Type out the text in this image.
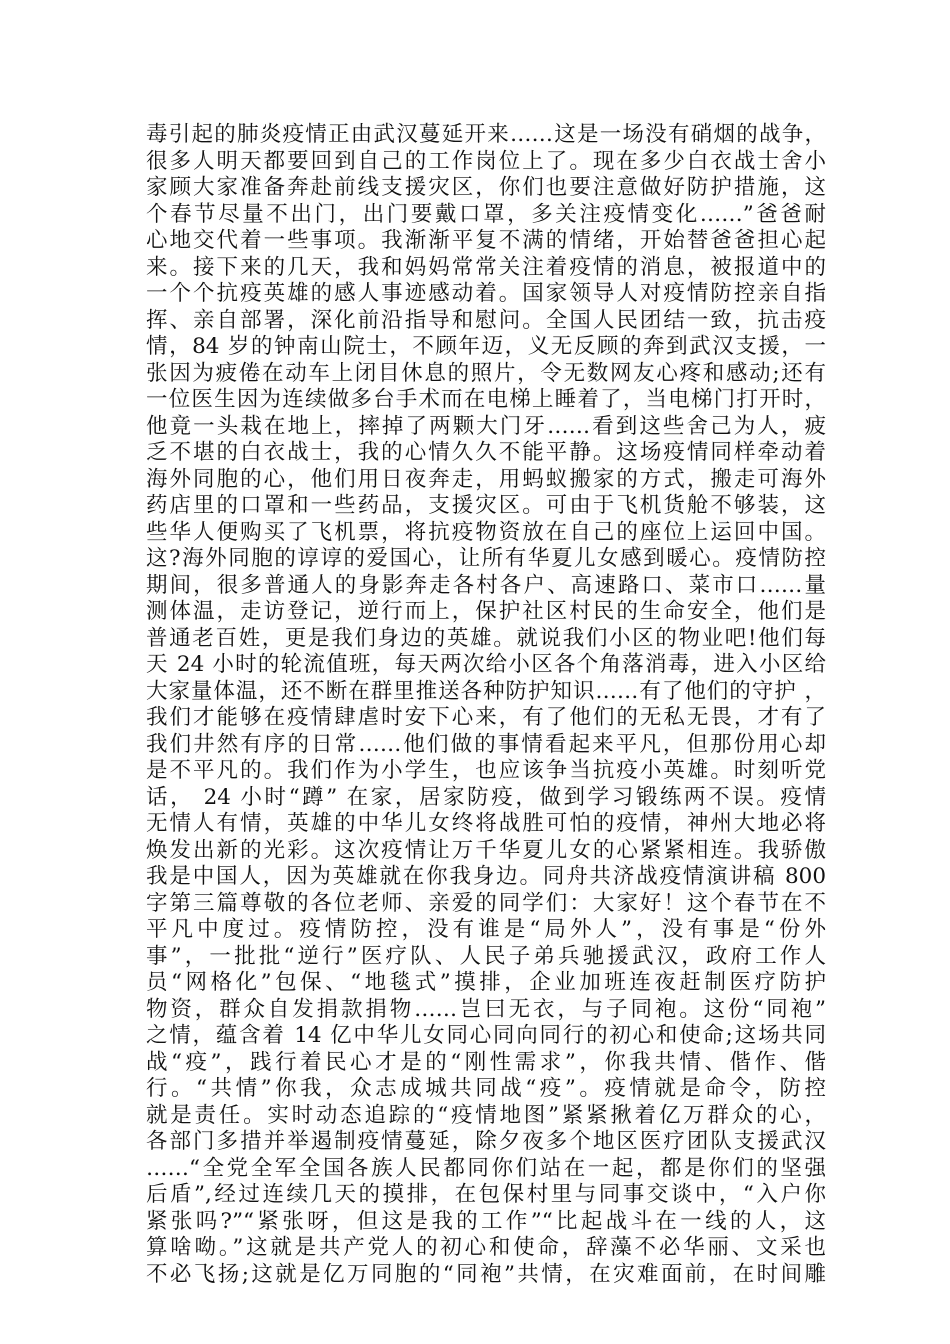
毒引起的肺炎疫情正由武汉蔓延开来……这是一场没有硝烟的战争，
很多人明天都要回到自己的工作岗位上了。现在多少白衣战士舍小
家顾大家准备奔赴前线支援灾区，你们也要注意做好防护措施，这
个春节尽量不出门，出门要戴口罩，多关注疫情变化……”爸爸耐
心地交代着一些事项。我渐渐平复不满的情绪，开始替爸爸担心起
来。接下来的几天，我和妈妈常常关注着疫情的消息，被报道中的
一个个抗疫英雄的感人事迹感动着。国家领导人对疫情防控亲自指
挥、亲自部署，深化前沿指导和慰问。全国人民团结一致，抗击疫
情，84 岁的钟南山院士，不顾年迈，义无反顾的奔到武汉支援，一
张因为疲倦在动车上闭目休息的照片，令无数网友心疼和感动;还有
一位医生因为连续做多台手术而在电梯上睡着了，当电梯门打开时，
他竟一头栽在地上，摔掉了两颗大门牙……看到这些舍己为人，疲
乏不堪的白衣战士，我的心情久久不能平静。这场疫情同样牵动着
海外同胞的心，他们用日夜奔走，用蚂蚁搬家的方式，搬走可海外
药店里的口罩和一些药品，支援灾区。可由于飞机货舱不够装，这
些华人便购买了飞机票，将抗疫物资放在自己的座位上运回中国。
这?海外同胞的谆谆的爱国心，让所有华夏儿女感到暖心。疫情防控
期间，很多普通人的身影奔走各村各户、高速路口、菜市口……量
测体温，走访登记，逆行而上，保护社区村民的生命安全，他们是
普通老百姓，更是我们身边的英雄。就说我们小区的物业吧!他们每
天 24 小时的轮流值班，每天两次给小区各个角落消毒，进入小区给
大家量体温，还不断在群里推送各种防护知识……有了他们的守护 ，
我们才能够在疫情肆虐时安下心来，有了他们的无私无畏，才有了
我们井然有序的日常……他们做的事情看起来平凡，但那份用心却
是不平凡的。我们作为小学生，也应该争当抗疫小英雄。时刻听党
话， 24 小时“蹲” 在家，居家防疫，做到学习锻练两不误。疫情
无情人有情，英雄的中华儿女终将战胜可怕的疫情，神州大地必将
焕发出新的光彩。这次疫情让万千华夏儿女的心紧紧相连。我骄傲
我是中国人，因为英雄就在你我身边。同舟共济战疫情演讲稿 800
字第三篇尊敬的各位老师、亲爱的同学们：大家好！这个春节在不
平凡中度过。疫情防控，没有谁是“局外人”，没有事是“份外
事”，一批批“逆行”医疗队、人民子弟兵驰援武汉，政府工作人
员“网格化”包保、“地毯式”摸排，企业加班连夜赶制医疗防护
物资，群众自发捐款捐物……岂曰无衣，与子同袍。这份“同袍”
之情，蕴含着 14 亿中华儿女同心同向同行的初心和使命;这场共同
战“疫”，践行着民心才是的“刚性需求”，你我共情、偕作、偕
行。“共情”你我，众志成城共同战“疫”。疫情就是命令，防控
就是责任。实时动态追踪的“疫情地图”紧紧揪着亿万群众的心，
各部门多措并举遏制疫情蔓延，除夕夜多个地区医疗团队支援武汉
……“全党全军全国各族人民都同你们站在一起，都是你们的坚强
后盾”,经过连续几天的摸排，在包保村里与同事交谈中，“入户你
紧张吗?”“紧张呀，但这是我的工作”“比起战斗在一线的人，这
算啥呦。”这就是共产党人的初心和使命，辞藻不必华丽、文采也
不必飞扬;这就是亿万同胞的“同袍”共情，在灾难面前，在时间雕
